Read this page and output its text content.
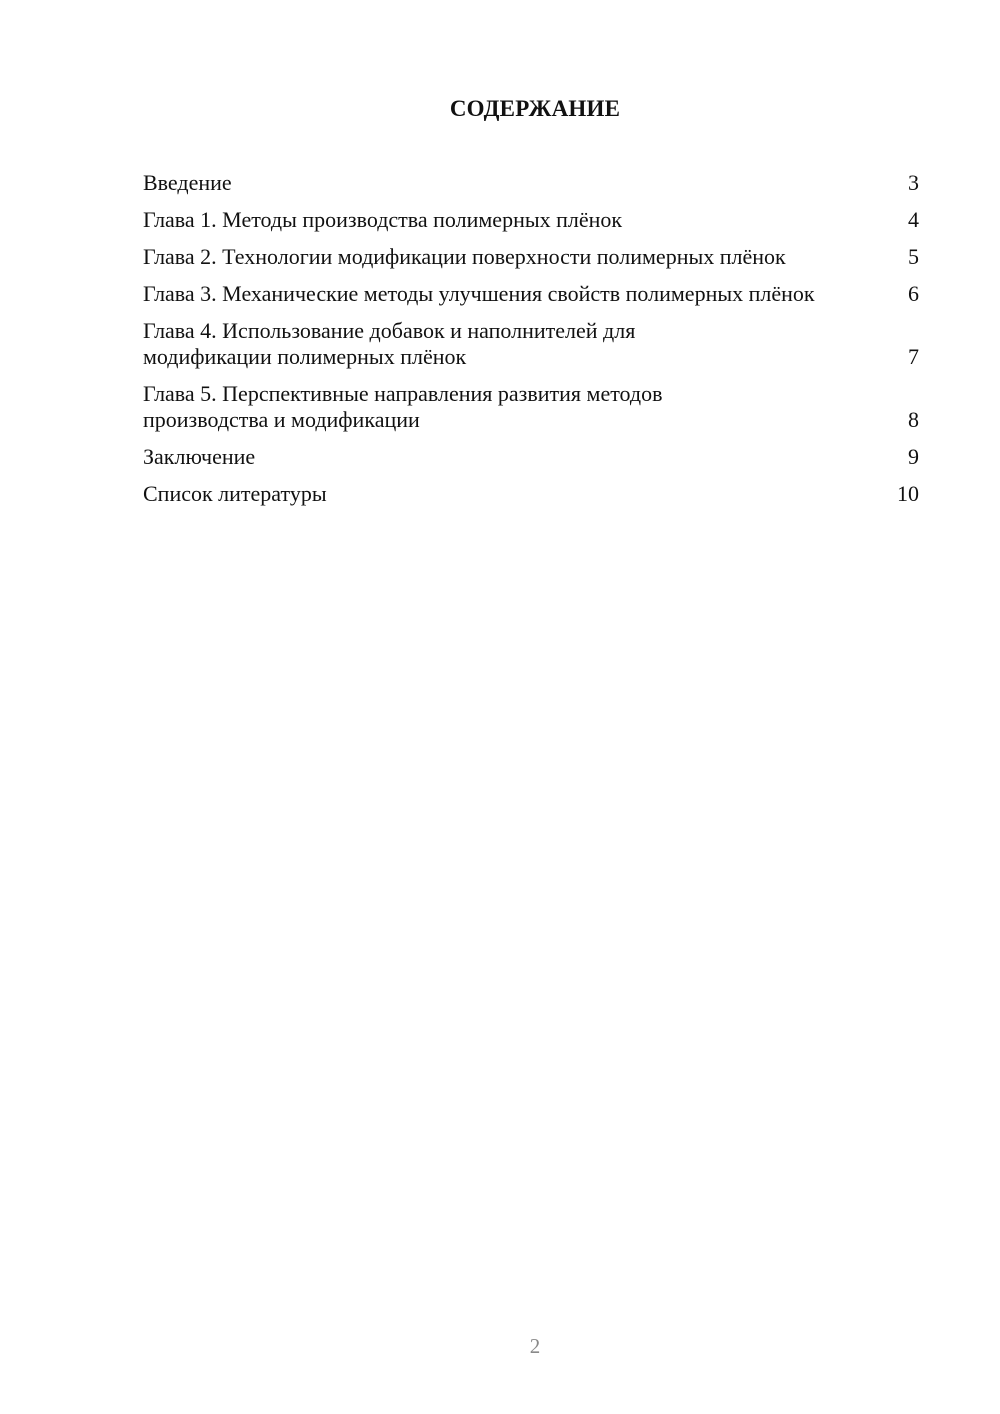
СОДЕРЖАНИЕ
Введение	3
Глава 1. Методы производства полимерных плёнок	4
Глава 2. Технологии модификации поверхности полимерных плёнок	5
Глава 3. Механические методы улучшения свойств полимерных плёнок	6
Глава 4. Использование добавок и наполнителей для модификации полимерных плёнок	7
Глава 5. Перспективные направления развития методов производства и модификации	8
Заключение	9
Список литературы	10
2
